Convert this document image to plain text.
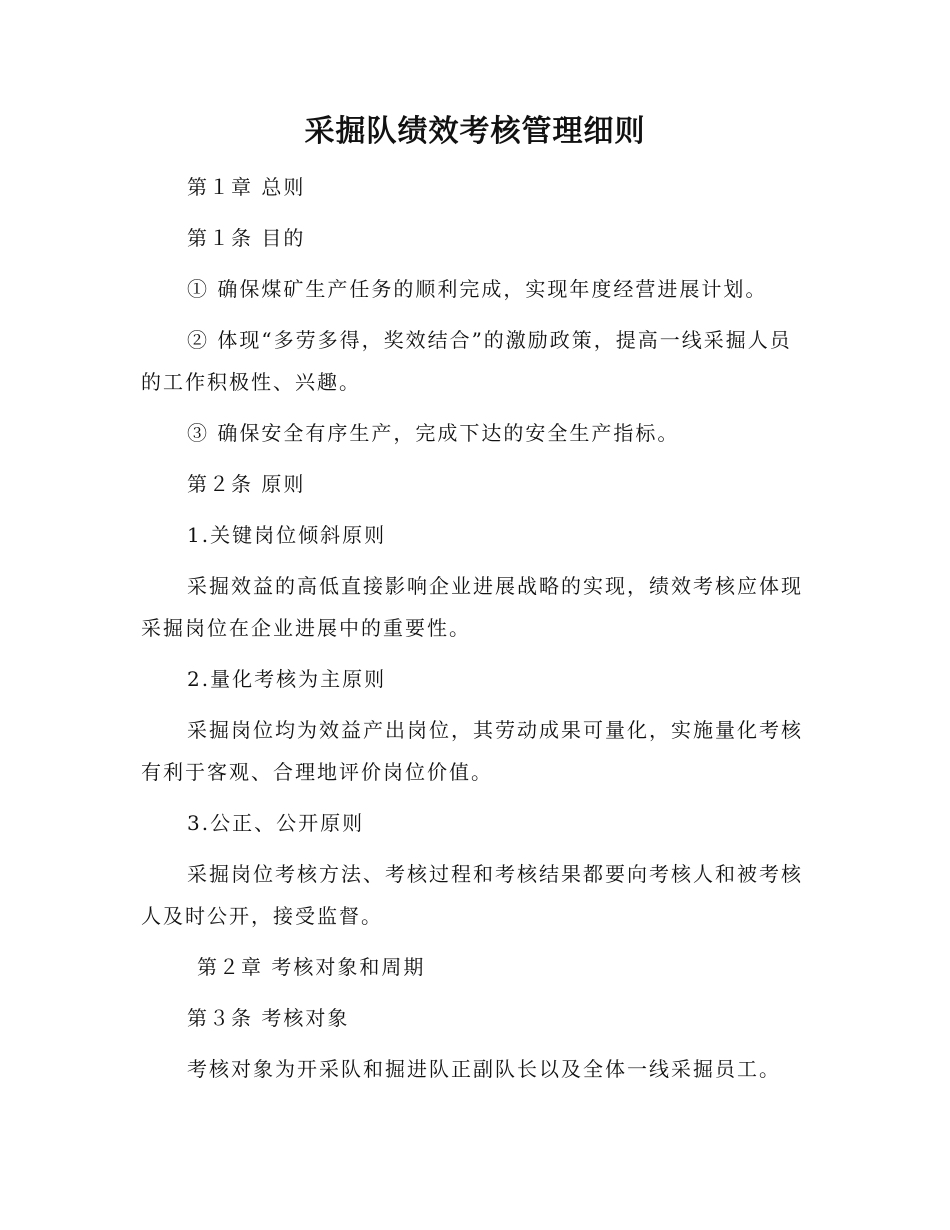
采掘队绩效考核管理细则

第１章 总则

第１条 目的

① 确保煤矿生产任务的顺利完成，实现年度经营进展计划。

② 体现“多劳多得，奖效结合”的激励政策，提高一线采掘人员的工作积极性、兴趣。

③ 确保安全有序生产，完成下达的安全生产指标。

第２条 原则

1.关键岗位倾斜原则

采掘效益的高低直接影响企业进展战略的实现，绩效考核应体现采掘岗位在企业进展中的重要性。

2.量化考核为主原则

采掘岗位均为效益产出岗位，其劳动成果可量化，实施量化考核有利于客观、合理地评价岗位价值。

3.公正、公开原则

采掘岗位考核方法、考核过程和考核结果都要向考核人和被考核人及时公开，接受监督。

第２章 考核对象和周期

第３条 考核对象

考核对象为开采队和掘进队正副队长以及全体一线采掘员工。
